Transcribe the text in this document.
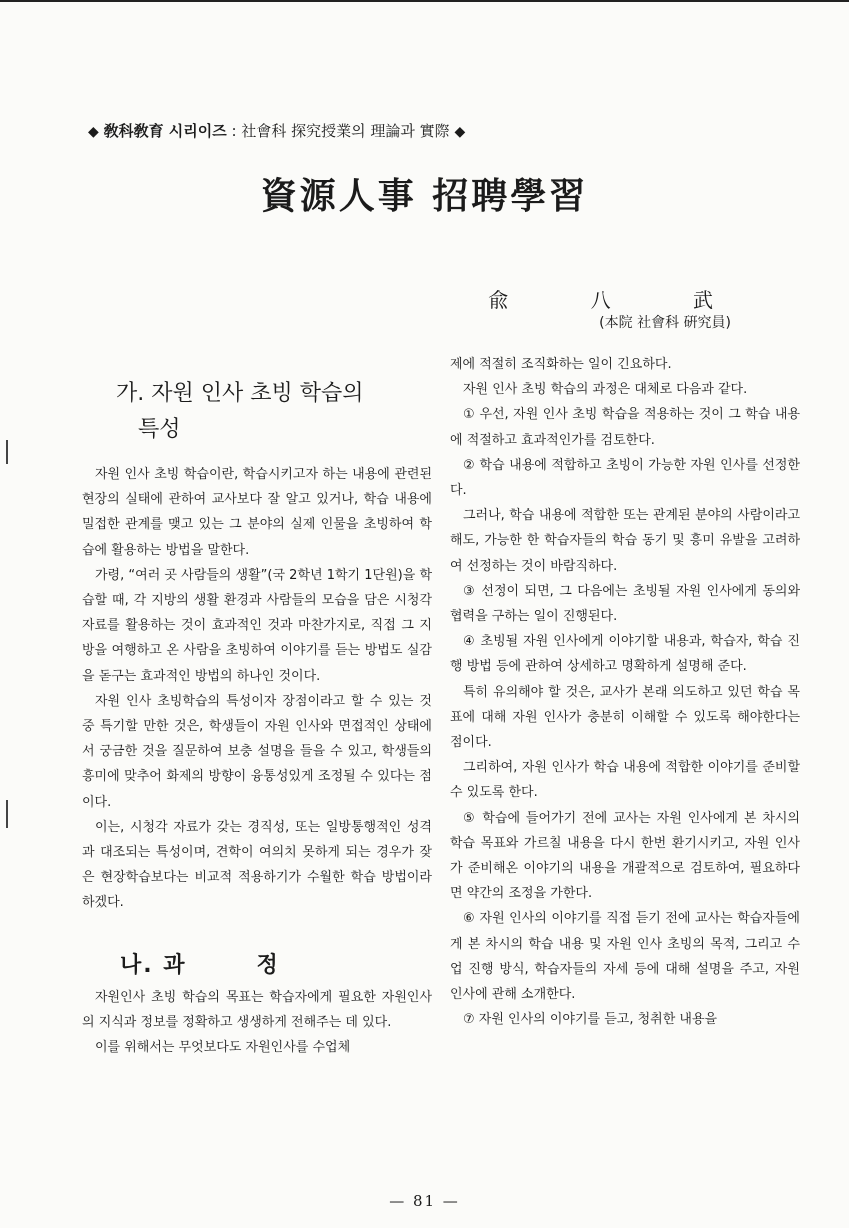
◆ 敎科敎育 시리이즈 : 社會科 探究授業의 理論과 實際 ◆
資源人事 招聘學習
兪 八 武
(本院 社會科 硏究員)
가. 자원 인사 초빙 학습의
특성

자원 인사 초빙 학습이란, 학습시키고자 하는 내용에 관련된 현장의 실태에 관하여 교사보다 잘 알고 있거나, 학습 내용에 밀접한 관계를 맺고 있는 그 분야의 실제 인물을 초빙하여 학습에 활용하는 방법을 말한다.

가령, “여러 곳 사람들의 생활”(국 2학년 1학기 1단원)을 학습할 때, 각 지방의 생활 환경과 사람들의 모습을 담은 시청각 자료를 활용하는 것이 효과적인 것과 마찬가지로, 직접 그 지방을 여행하고 온 사람을 초빙하여 이야기를 듣는 방법도 실감을 돋구는 효과적인 방법의 하나인 것이다.

자원 인사 초빙학습의 특성이자 장점이라고 할 수 있는 것 중 특기할 만한 것은, 학생들이 자원 인사와 면접적인 상태에서 궁금한 것을 질문하여 보충 설명을 들을 수 있고, 학생들의 흥미에 맞추어 화제의 방향이 융통성있게 조정될 수 있다는 점이다.

이는, 시청각 자료가 갖는 경직성, 또는 일방통행적인 성격과 대조되는 특성이며, 견학이 여의치 못하게 되는 경우가 잦은 현장학습보다는 비교적 적용하기가 수월한 학습 방법이라 하겠다.

나. 과	정

자원인사 초빙 학습의 목표는 학습자에게 필요한 자원인사의 지식과 정보를 정확하고 생생하게 전해주는 데 있다.

이를 위해서는 무엇보다도 자원인사를 수업체

제에 적절히 조직화하는 일이 긴요하다.

자원 인사 초빙 학습의 과정은 대체로 다음과 같다.

① 우선, 자원 인사 초빙 학습을 적용하는 것이 그 학습 내용에 적절하고 효과적인가를 검토한다.

② 학습 내용에 적합하고 초빙이 가능한 자원 인사를 선정한다.

그러나, 학습 내용에 적합한 또는 관계된 분야의 사람이라고 해도, 가능한 한 학습자들의 학습 동기 및 흥미 유발을 고려하여 선정하는 것이 바람직하다.

③ 선정이 되면, 그 다음에는 초빙될 자원 인사에게 동의와 협력을 구하는 일이 진행된다.

④ 초빙될 자원 인사에게 이야기할 내용과, 학습자, 학습 진행 방법 등에 관하여 상세하고 명확하게 설명해 준다.

특히 유의해야 할 것은, 교사가 본래 의도하고 있던 학습 목표에 대해 자원 인사가 충분히 이해할 수 있도록 해야한다는 점이다.

그리하여, 자원 인사가 학습 내용에 적합한 이야기를 준비할 수 있도록 한다.

⑤ 학습에 들어가기 전에 교사는 자원 인사에게 본 차시의 학습 목표와 가르칠 내용을 다시 한번 환기시키고, 자원 인사가 준비해온 이야기의 내용을 개괄적으로 검토하여, 필요하다면 약간의 조정을 가한다.

⑥ 자원 인사의 이야기를 직접 듣기 전에 교사는 학습자들에게 본 차시의 학습 내용 및 자원 인사 초빙의 목적, 그리고 수업 진행 방식, 학습자들의 자세 등에 대해 설명을 주고, 자원 인사에 관해 소개한다.

⑦ 자원 인사의 이야기를 듣고, 청취한 내용을

— 81 —
